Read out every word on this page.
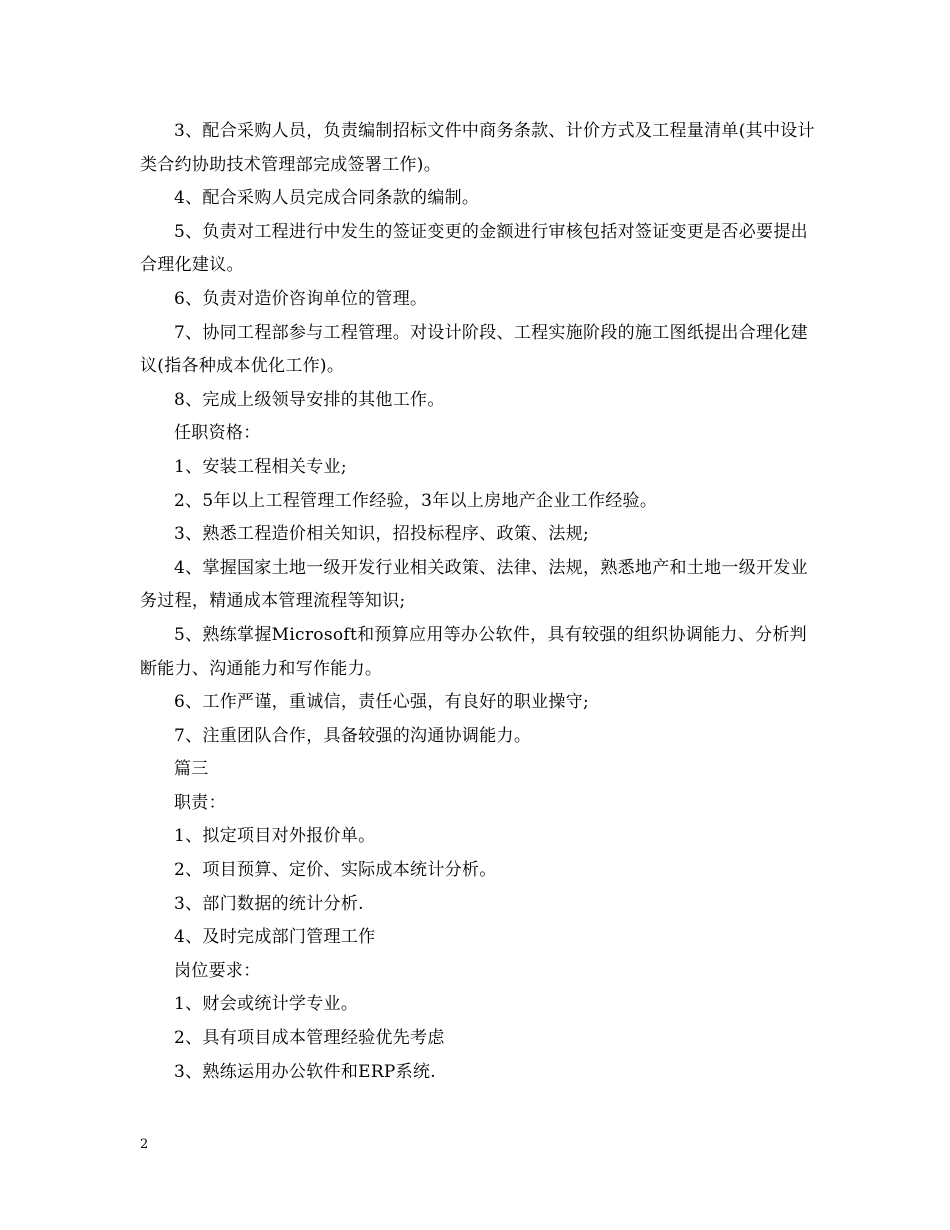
3、配合采购人员，负责编制招标文件中商务条款、计价方式及工程量清单(其中设计类合约协助技术管理部完成签署工作)。

4、配合采购人员完成合同条款的编制。

5、负责对工程进行中发生的签证变更的金额进行审核包括对签证变更是否必要提出合理化建议。

6、负责对造价咨询单位的管理。

7、协同工程部参与工程管理。对设计阶段、工程实施阶段的施工图纸提出合理化建议(指各种成本优化工作)。

8、完成上级领导安排的其他工作。

任职资格：

1、安装工程相关专业;

2、5年以上工程管理工作经验，3年以上房地产企业工作经验。

3、熟悉工程造价相关知识，招投标程序、政策、法规;

4、掌握国家土地一级开发行业相关政策、法律、法规，熟悉地产和土地一级开发业务过程，精通成本管理流程等知识;

5、熟练掌握Microsoft和预算应用等办公软件，具有较强的组织协调能力、分析判断能力、沟通能力和写作能力。

6、工作严谨，重诚信，责任心强，有良好的职业操守;

7、注重团队合作，具备较强的沟通协调能力。

篇三

职责：

1、拟定项目对外报价单。

2、项目预算、定价、实际成本统计分析。

3、部门数据的统计分析.

4、及时完成部门管理工作

岗位要求：

1、财会或统计学专业。

2、具有项目成本管理经验优先考虑

3、熟练运用办公软件和ERP系统.

2
